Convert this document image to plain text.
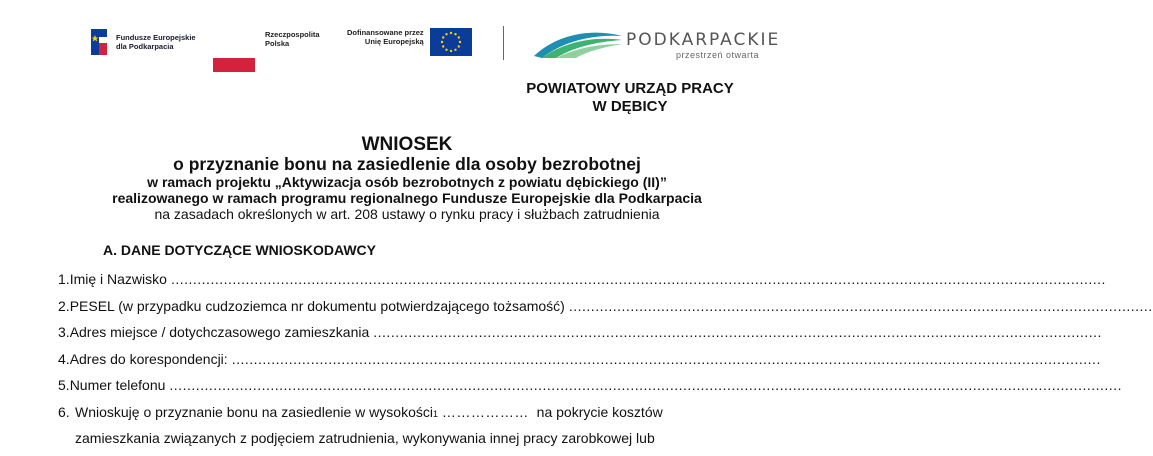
Fundusze Europejskie
dla Podkarpacia
Rzeczpospolita
Polska
Dofinansowane przez
Unię Europejską	PODKARPACKIE
przestrzeń otwarta
POWIATOWY URZĄD PRACY
W DĘBICY
WNIOSEK
o przyznanie bonu na zasiedlenie dla osoby bezrobotnej
w ramach projektu „Aktywizacja osób bezrobotnych z powiatu dębickiego (II)”
realizowanego w ramach programu regionalnego Fundusze Europejskie dla Podkarpacia
na zasadach określonych w art. 208 ustawy o rynku pracy i służbach zatrudnienia
A. DANE DOTYCZĄCE WNIOSKODAWCY
1. Imię i Nazwisko .....................................................................................................................................................................................................................
2. PESEL (w przypadku cudzoziemca nr dokumentu potwierdzającego tożsamość) .....................................................................................................................................
3. Adres miejsce / dotychczasowego zamieszkania ......................................................................................................................................................................
4. Adres do korespondencji: ......................................................................................................................................................................................................
5. Numer telefonu .........................................................................................................................................................................................................................
6. Wnioskuję o przyznanie bonu na zasiedlenie w wysokości 1
………………
na pokrycie kosztów
zamieszkania związanych z podjęciem zatrudnienia, wykonywania innej pracy zarobkowej lub
